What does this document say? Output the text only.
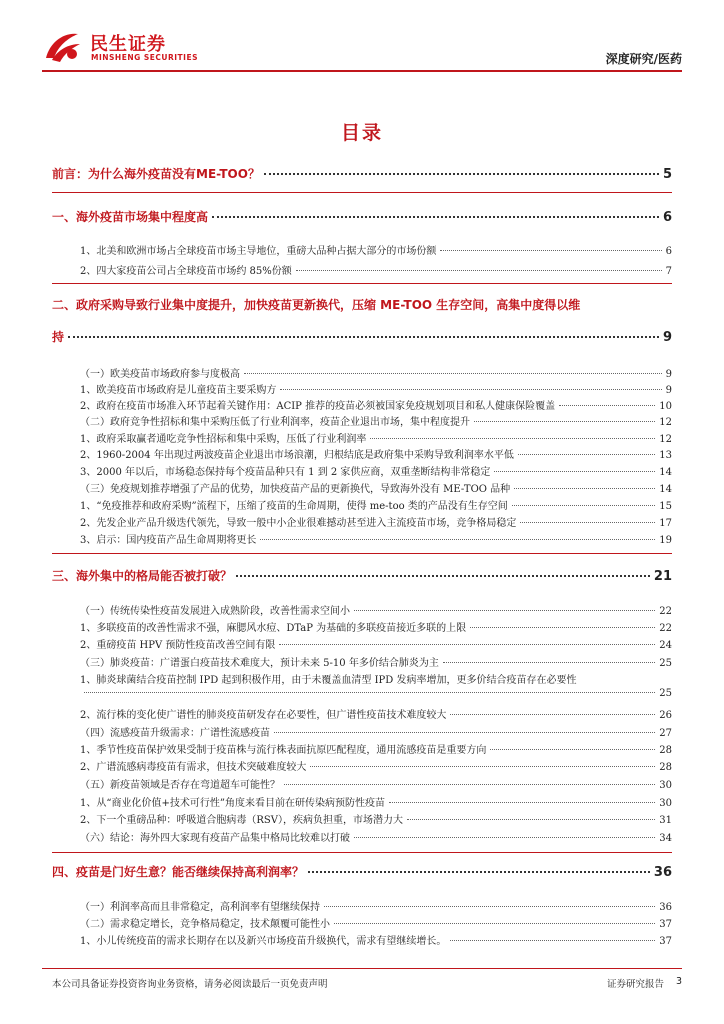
民生证券
MINSHENG SECURITIES	深度研究/医药
目录
前言：为什么海外疫苗没有ME-TOO？	5
一、海外疫苗市场集中程度高	6
1、北美和欧洲市场占全球疫苗市场主导地位，重磅大品种占据大部分的市场份额	6
2、四大家疫苗公司占全球疫苗市场约 85%份额	7
二、政府采购导致行业集中度提升，加快疫苗更新换代，压缩 ME-TOO 生存空间，高集中度得以维
持	9
（一）欧美疫苗市场政府参与度极高	9
1、欧美疫苗市场政府是儿童疫苗主要采购方	9
2、政府在疫苗市场准入环节起着关键作用：ACIP 推荐的疫苗必须被国家免疫规划项目和私人健康保险覆盖	10
（二）政府竞争性招标和集中采购压低了行业利润率，疫苗企业退出市场，集中程度提升	12
1、政府采取赢者通吃竞争性招标和集中采购，压低了行业利润率	12
2、1960-2004 年出现过两波疫苗企业退出市场浪潮，归根结底是政府集中采购导致利润率水平低	13
3、2000 年以后，市场稳态保持每个疫苗品种只有 1 到 2 家供应商，双重垄断结构非常稳定	14
（三）免疫规划推荐增强了产品的优势，加快疫苗产品的更新换代，导致海外没有 ME-TOO 品种	14
1、“免疫推荐和政府采购”流程下，压缩了疫苗的生命周期，使得 me-too 类的产品没有生存空间	15
2、先发企业产品升级迭代领先，导致一般中小企业很难撼动甚至进入主流疫苗市场，竞争格局稳定	17
3、启示：国内疫苗产品生命周期将更长	19
三、海外集中的格局能否被打破？	21
（一）传统传染性疫苗发展进入成熟阶段，改善性需求空间小	22
1、多联疫苗的改善性需求不强，麻腮风水痘、DTaP 为基础的多联疫苗接近多联的上限	22
2、重磅疫苗 HPV 预防性疫苗改善空间有限	24
（三）肺炎疫苗：广谱蛋白疫苗技术难度大，预计未来 5-10 年多价结合肺炎为主	25
1、肺炎球菌结合疫苗控制 IPD 起到积极作用，由于未覆盖血清型 IPD 发病率增加，更多价结合疫苗存在必要性
25
2、流行株的变化使广谱性的肺炎疫苗研发存在必要性，但广谱性疫苗技术难度较大	26
（四）流感疫苗升级需求：广谱性流感疫苗	27
1、季节性疫苗保护效果受制于疫苗株与流行株表面抗原匹配程度，通用流感疫苗是重要方向	28
2、广谱流感病毒疫苗有需求，但技术突破难度较大	28
（五）新疫苗领域是否存在弯道超车可能性？	30
1、从“商业化价值+技术可行性”角度来看目前在研传染病预防性疫苗	30
2、下一个重磅品种：呼吸道合胞病毒（RSV），疾病负担重，市场潜力大	31
（六）结论：海外四大家现有疫苗产品集中格局比较难以打破	34
四、疫苗是门好生意？能否继续保持高利润率？	36
（一）利润率高而且非常稳定，高利润率有望继续保持	36
（二）需求稳定增长，竞争格局稳定，技术颠覆可能性小	37
1、小儿传统疫苗的需求长期存在以及新兴市场疫苗升级换代，需求有望继续增长。	37
本公司具备证券投资咨询业务资格，请务必阅读最后一页免责声明	证券研究报告 3
